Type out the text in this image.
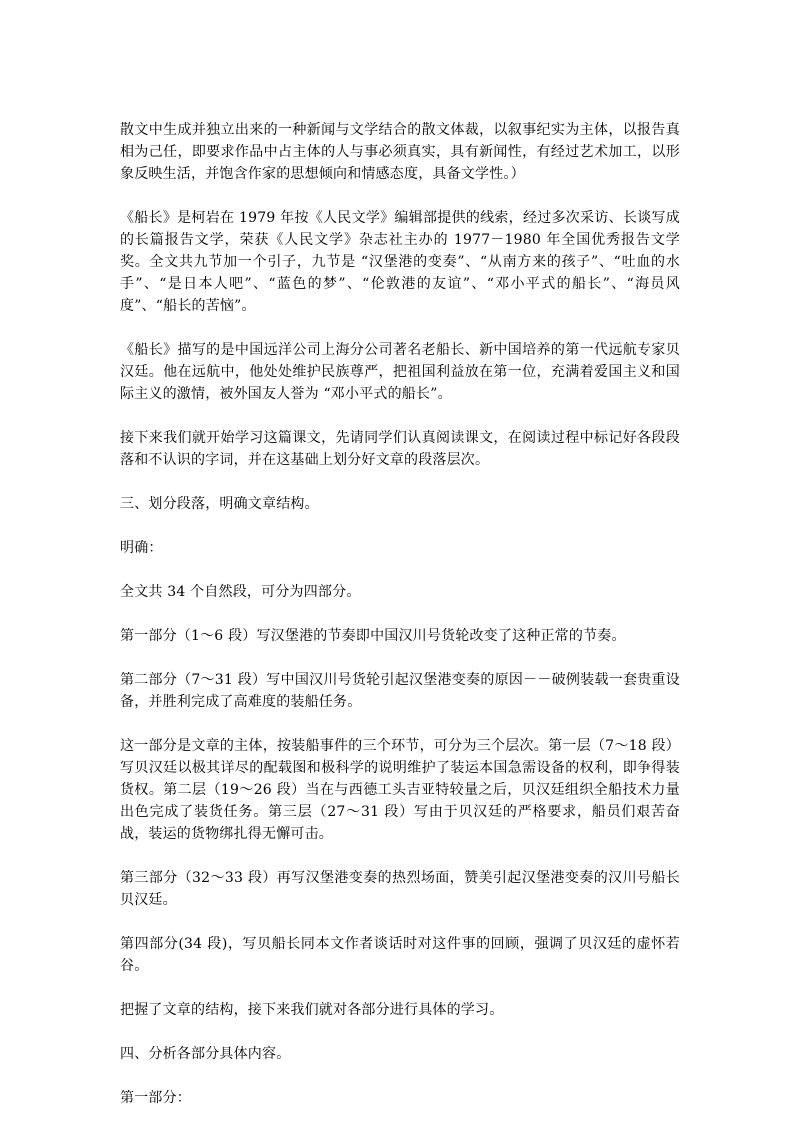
散文中生成并独立出来的一种新闻与文学结合的散文体裁，以叙事纪实为主体，以报告真相为己任，即要求作品中占主体的人与事必须真实，具有新闻性，有经过艺术加工，以形象反映生活，并饱含作家的思想倾向和情感态度，具备文学性。）

《船长》是柯岩在 1979 年按《人民文学》编辑部提供的线索，经过多次采访、长谈写成的长篇报告文学，荣获《人民文学》杂志社主办的 1977－1980 年全国优秀报告文学奖。全文共九节加一个引子，九节是 “汉堡港的变奏”、“从南方来的孩子”、“吐血的水手”、“是日本人吧”、“蓝色的梦”、“伦敦港的友谊”、“邓小平式的船长”、“海员风度”、“船长的苦恼”。

《船长》描写的是中国远洋公司上海分公司著名老船长、新中国培养的第一代远航专家贝汉廷。他在远航中，他处处维护民族尊严，把祖国利益放在第一位，充满着爱国主义和国际主义的激情，被外国友人誉为 “邓小平式的船长”。

接下来我们就开始学习这篇课文，先请同学们认真阅读课文，在阅读过程中标记好各段段落和不认识的字词，并在这基础上划分好文章的段落层次。

三、划分段落，明确文章结构。

明确：

全文共 34 个自然段，可分为四部分。

第一部分（1～6 段）写汉堡港的节奏即中国汉川号货轮改变了这种正常的节奏。

第二部分（7～31 段）写中国汉川号货轮引起汉堡港变奏的原因－－破例装载一套贵重设备，并胜利完成了高难度的装船任务。

这一部分是文章的主体，按装船事件的三个环节，可分为三个层次。第一层（7～18 段）写贝汉廷以极其详尽的配载图和极科学的说明维护了装运本国急需设备的权利，即争得装货权。第二层（19～26 段）当在与西德工头吉亚特较量之后，贝汉廷组织全船技术力量出色完成了装货任务。第三层（27～31 段）写由于贝汉廷的严格要求，船员们艰苦奋战，装运的货物绑扎得无懈可击。

第三部分（32～33 段）再写汉堡港变奏的热烈场面，赞美引起汉堡港变奏的汉川号船长贝汉廷。

第四部分(34 段)，写贝船长同本文作者谈话时对这件事的回顾，强调了贝汉廷的虚怀若谷。

把握了文章的结构，接下来我们就对各部分进行具体的学习。

四、分析各部分具体内容。

第一部分：
